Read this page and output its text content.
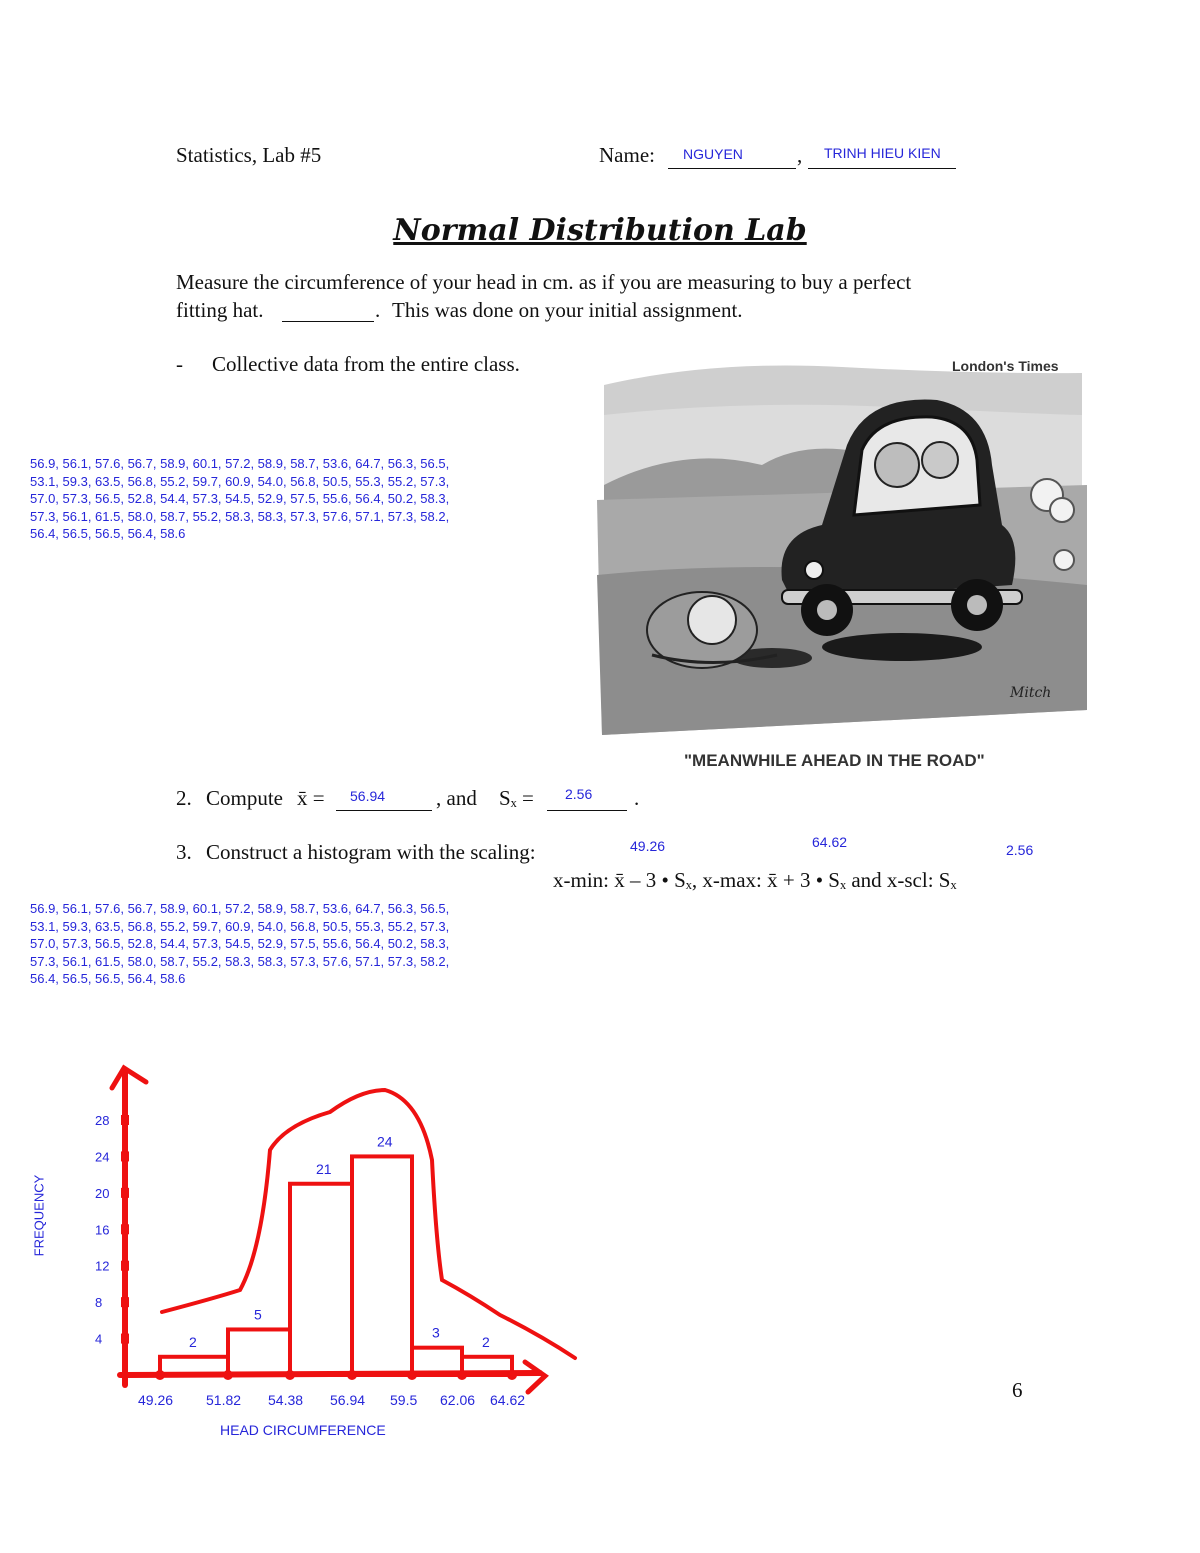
Statistics, Lab #5	Name:	,
NGUYEN	TRINH HIEU KIEN
Normal Distribution Lab
Measure the circumference of your head in cm. as if you are measuring to buy a perfect
fitting hat.	. This was done on your initial assignment.
- Collective data from the entire class.
56.9, 56.1, 57.6, 56.7, 58.9, 60.1, 57.2, 58.9, 58.7, 53.6, 64.7, 56.3, 56.5, 53.1, 59.3, 63.5, 56.8, 55.2, 59.7, 60.9, 54.0, 56.8, 50.5, 55.3, 55.2, 57.3, 57.0, 57.3, 56.5, 52.8, 54.4, 57.3, 54.5, 52.9, 57.5, 55.6, 56.4, 50.2, 58.3, 57.3, 56.1, 61.5, 58.0, 58.7, 55.2, 58.3, 58.3, 57.3, 57.6, 57.1, 57.3, 58.2, 56.4, 56.5, 56.5, 56.4, 58.6
London's Times
Mitch
"MEANWHILE AHEAD IN THE ROAD"
2. Compute x̄ = 56.94 , and Sₓ = 2.56 .
3. Construct a histogram with the scaling:	49.26	64.62	2.56
x-min: x̄ – 3 • Sₓ, x-max: x̄ + 3 • Sₓ and x-scl: Sₓ
56.9, 56.1, 57.6, 56.7, 58.9, 60.1, 57.2, 58.9, 58.7, 53.6, 64.7, 56.3, 56.5, 53.1, 59.3, 63.5, 56.8, 55.2, 59.7, 60.9, 54.0, 56.8, 50.5, 55.3, 55.2, 57.3, 57.0, 57.3, 56.5, 52.8, 54.4, 57.3, 54.5, 52.9, 57.5, 55.6, 56.4, 50.2, 58.3, 57.3, 56.1, 61.5, 58.0, 58.7, 55.2, 58.3, 58.3, 57.3, 57.6, 57.1, 57.3, 58.2, 56.4, 56.5, 56.5, 56.4, 58.6
4
8
12
16
20
24
28
2
5
21
24
3
2
49.26 51.82 54.38 56.94 59.5 62.06 64.62
FREQUENCY
HEAD CIRCUMFERENCE
6
